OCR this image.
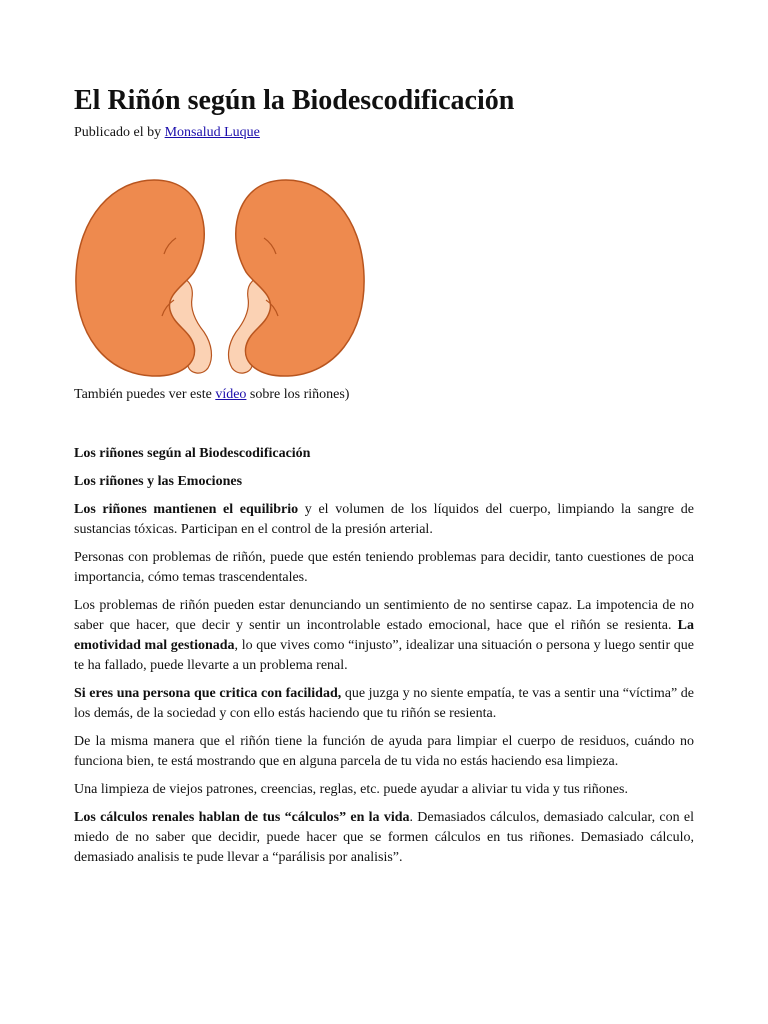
El Riñón según la Biodescodificación
Publicado el by Monsalud Luque
También puedes ver este vídeo sobre los riñones)

Los riñones según al Biodescodificación

Los riñones y las Emociones

Los riñones mantienen el equilibrio y el volumen de los líquidos del cuerpo, limpiando la sangre de sustancias tóxicas. Participan en el control de la presión arterial.

Personas con problemas de riñón, puede que estén teniendo problemas para decidir, tanto cuestiones de poca importancia, cómo temas trascendentales.

Los problemas de riñón pueden estar denunciando un sentimiento de no sentirse capaz. La impotencia de no saber que hacer, que decir y sentir un incontrolable estado emocional, hace que el riñón se resienta. La emotividad mal gestionada, lo que vives como “injusto”, idealizar una situación o persona y luego sentir que te ha fallado, puede llevarte a un problema renal.

Si eres una persona que critica con facilidad, que juzga y no siente empatía, te vas a sentir una “víctima” de los demás, de la sociedad y con ello estás haciendo que tu riñón se resienta.

De la misma manera que el riñón tiene la función de ayuda para limpiar el cuerpo de residuos, cuándo no funciona bien, te está mostrando que en alguna parcela de tu vida no estás haciendo esa limpieza.

Una limpieza de viejos patrones, creencias, reglas, etc. puede ayudar a aliviar tu vida y tus riñones.

Los cálculos renales hablan de tus “cálculos” en la vida. Demasiados cálculos, demasiado calcular, con el miedo de no saber que decidir, puede hacer que se formen cálculos en tus riñones. Demasiado cálculo, demasiado analisis te pude llevar a “parálisis por analisis”.
